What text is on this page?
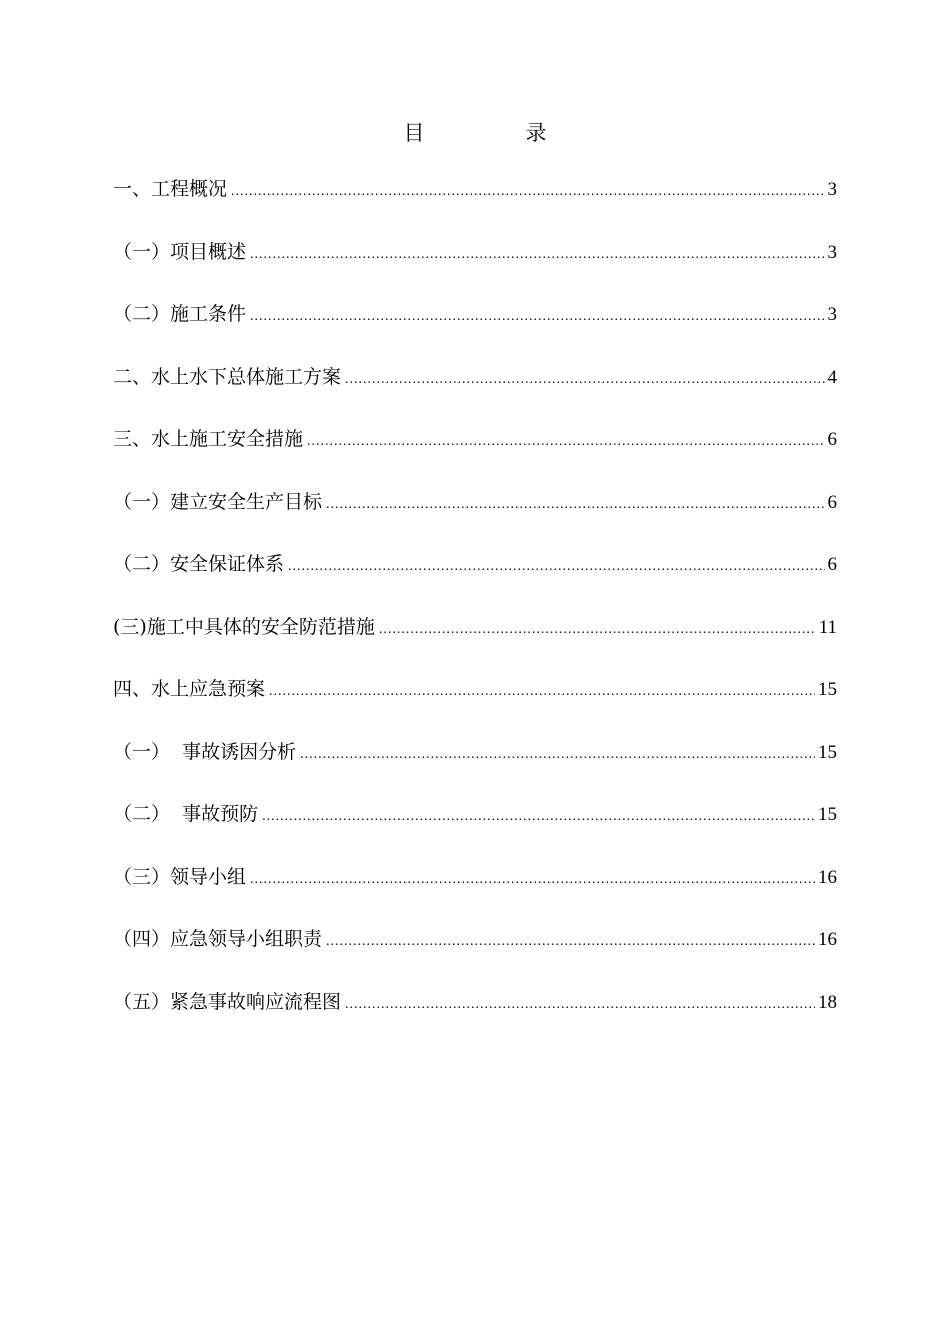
目　录
一、工程概况 .....	3
（一）项目概述 .....	3
（二）施工条件 .....	3
二、水上水下总体施工方案 .....	4
三、水上施工安全措施 .....	6
（一）建立安全生产目标 .....	6
（二）安全保证体系 .....	6
(三)施工中具体的安全防范措施 .....	11
四、水上应急预案 .....	15
（一）  事故诱因分析 .....	15
（二）  事故预防 .....	15
（三）领导小组 .....	16
（四）应急领导小组职责 .....	16
（五）紧急事故响应流程图 .....	18
